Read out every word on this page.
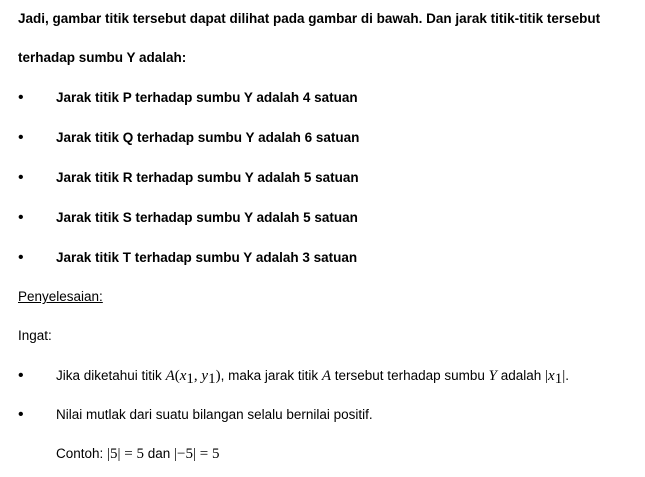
Jadi, gambar titik tersebut dapat dilihat pada gambar di bawah. Dan jarak titik-titik tersebut
terhadap sumbu Y adalah:
•	Jarak titik P terhadap sumbu Y adalah 4 satuan
•	Jarak titik Q terhadap sumbu Y adalah 6 satuan
•	Jarak titik R terhadap sumbu Y adalah 5 satuan
•	Jarak titik S terhadap sumbu Y adalah 5 satuan
•	Jarak titik T terhadap sumbu Y adalah 3 satuan
Penyelesaian:
Ingat:
•	Jika diketahui titik $A(x_1$, $y_1$), maka jarak titik A tersebut terhadap sumbu Y adalah $|x_1|$.
•	Nilai mutlak dari suatu bilangan selalu bernilai positif.
Contoh: |5| = 5 dan |−5| = 5
